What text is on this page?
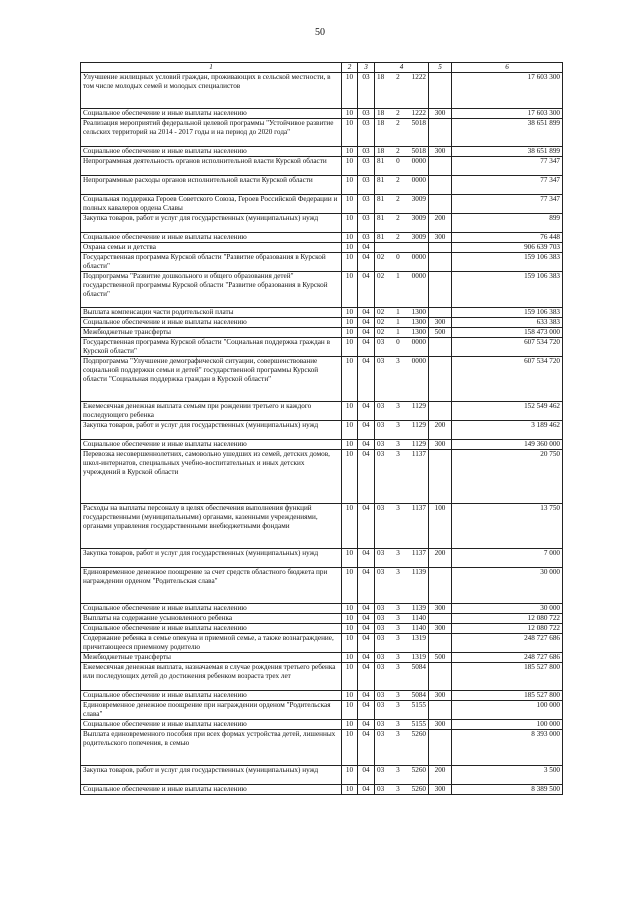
50
1	2	3	4	5	6
Улучшение жилищных условий граждан, проживающих в сельской местности, в том числе молодых семей и молодых специалистов	10	03	18 2 1222		17 603 300
Социальное обеспечение и иные выплаты населению	10	03	18 2 1222	300	17 603 300
Реализация мероприятий федеральной целевой программы "Устойчивое развитие сельских территорий на 2014 - 2017 годы и на период до 2020 года"	10	03	18 2 5018		38 651 899
Социальное обеспечение и иные выплаты населению	10	03	18 2 5018	300	38 651 899
Непрограммная деятельность органов исполнительной власти Курской области	10	03	81 0 0000		77 347
Непрограммные расходы органов исполнительной власти Курской области	10	03	81 2 0000		77 347
Социальная поддержка Героев Советского Союза, Героев Российской Федерации и полных кавалеров ордена Славы	10	03	81 2 3009		77 347
Закупка товаров, работ и услуг для государственных (муниципальных) нужд	10	03	81 2 3009	200	899
Социальное обеспечение и иные выплаты населению	10	03	81 2 3009	300	76 448
Охрана семьи и детства	10	04			906 639 703
Государственная программа Курской области "Развитие образования в Курской области"	10	04	02 0 0000		159 106 383
Подпрограмма "Развитие дошкольного и общего образования детей" государственной программы Курской области "Развитие образования в Курской области"	10	04	02 1 0000		159 106 383
Выплата компенсации части родительской платы	10	04	02 1 1300		159 106 383
Социальное обеспечение и иные выплаты населению	10	04	02 1 1300	300	633 383
Межбюджетные трансферты	10	04	02 1 1300	500	158 473 000
Государственная программа Курской области "Социальная поддержка граждан в Курской области"	10	04	03 0 0000		607 534 720
Подпрограмма "Улучшение демографической ситуации, совершенствование социальной поддержки семьи и детей" государственной программы Курской области "Социальная поддержка граждан в Курской области"	10	04	03 3 0000		607 534 720
Ежемесячная денежная выплата семьям при рождении третьего и каждого последующего ребенка	10	04	03 3 1129		152 549 462
Закупка товаров, работ и услуг для государственных (муниципальных) нужд	10	04	03 3 1129	200	3 189 462
Социальное обеспечение и иные выплаты населению	10	04	03 3 1129	300	149 360 000
Перевозка несовершеннолетних, самовольно ушедших из семей, детских домов, школ-интернатов, специальных учебно-воспитательных и иных детских учреждений в Курской области	10	04	03 3 1137		20 750
Расходы на выплаты персоналу в целях обеспечения выполнения функций государственными (муниципальными) органами, казенными учреждениями, органами управления государственными внебюджетными фондами	10	04	03 3 1137	100	13 750
Закупка товаров, работ и услуг для государственных (муниципальных) нужд	10	04	03 3 1137	200	7 000
Единовременное денежное поощрение за счет средств областного бюджета при награждении орденом "Родительская слава"	10	04	03 3 1139		30 000
Социальное обеспечение и иные выплаты населению	10	04	03 3 1139	300	30 000
Выплаты на содержание усыновленного ребенка	10	04	03 3 1140		12 080 722
Социальное обеспечение и иные выплаты населению	10	04	03 3 1140	300	12 080 722
Содержание ребенка в семье опекуна и приемной семье, а также вознаграждение, причитающееся приемному родителю	10	04	03 3 1319		248 727 686
Межбюджетные трансферты	10	04	03 3 1319	500	248 727 686
Ежемесячная денежная выплата, назначаемая в случае рождения третьего ребенка или последующих детей до достижения ребенком возраста трех лет	10	04	03 3 5084		185 527 800
Социальное обеспечение и иные выплаты населению	10	04	03 3 5084	300	185 527 800
Единовременное денежное поощрение при награждении орденом "Родительская слава"	10	04	03 3 5155		100 000
Социальное обеспечение и иные выплаты населению	10	04	03 3 5155	300	100 000
Выплата единовременного пособия при всех формах устройства детей, лишенных родительского попечения, в семью	10	04	03 3 5260		8 393 000
Закупка товаров, работ и услуг для государственных (муниципальных) нужд	10	04	03 3 5260	200	3 500
Социальное обеспечение и иные выплаты населению	10	04	03 3 5260	300	8 389 500
